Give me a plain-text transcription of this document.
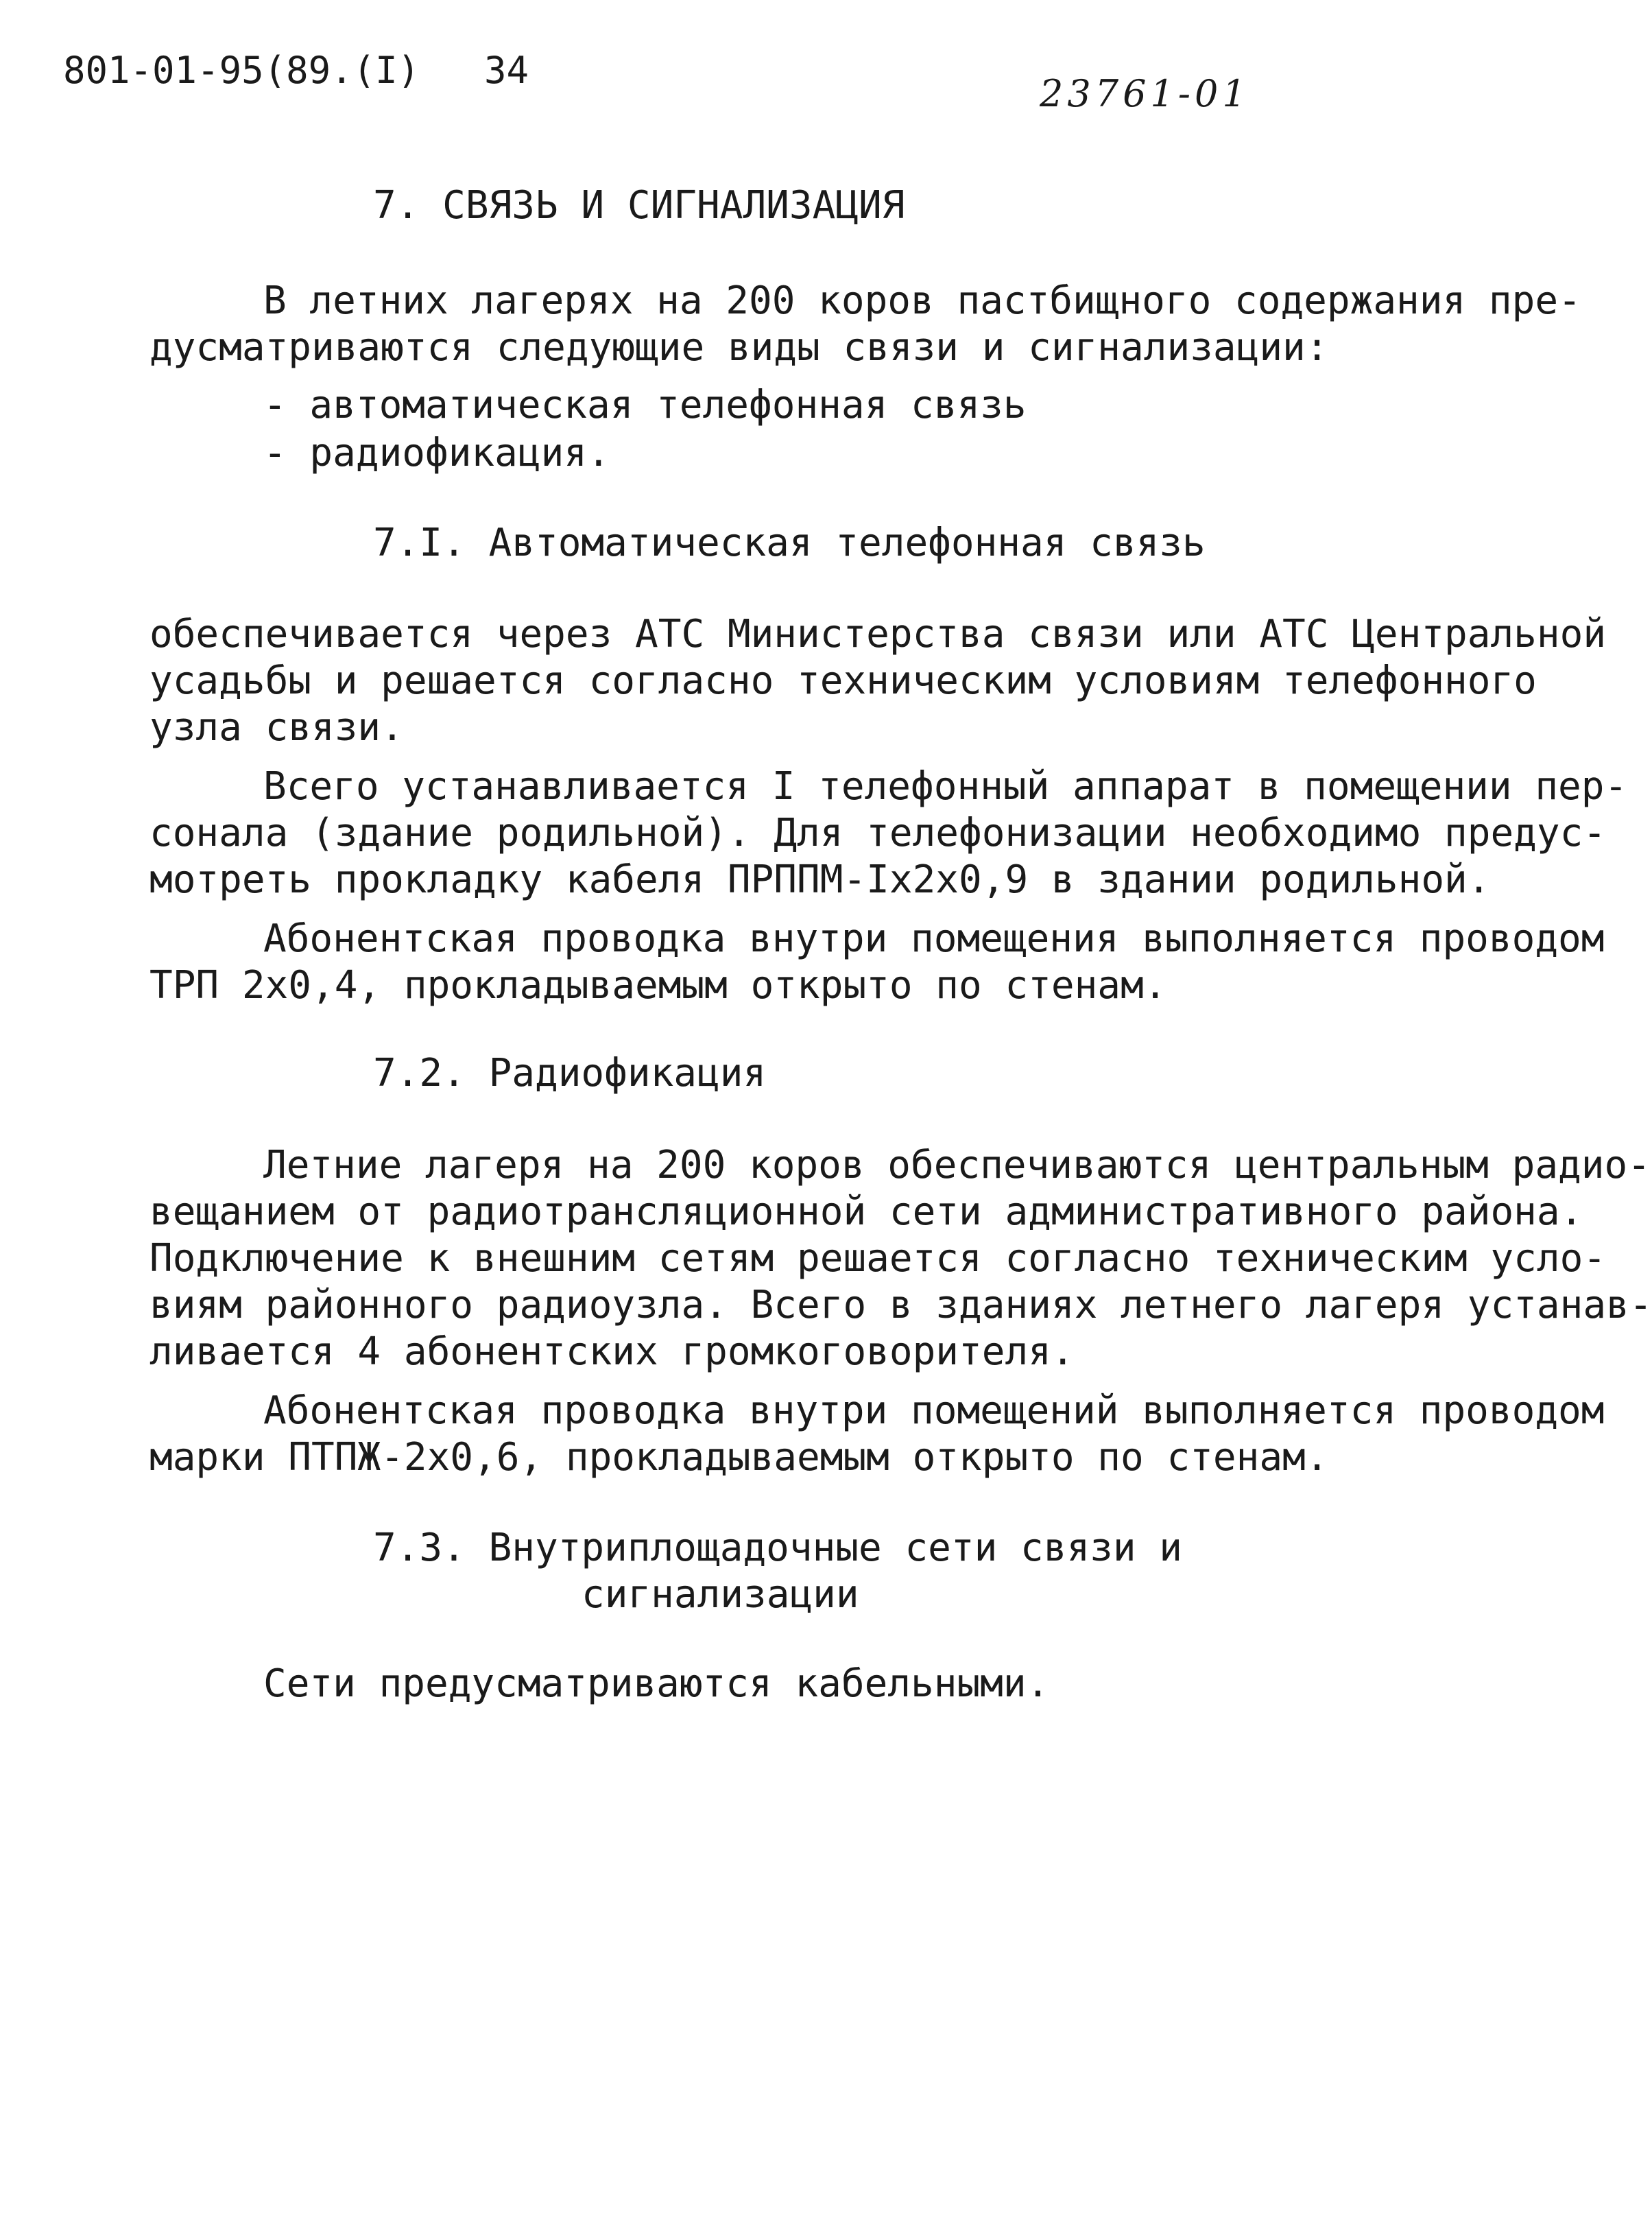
801-01-95(89.(I) 34
23761-01
7. СВЯЗЬ И СИГНАЛИЗАЦИЯ
В летних лагерях на 200 коров пастбищного содержания пре-
дусматриваются следующие виды связи и сигнализации:
- автоматическая телефонная связь
- радиофикация.
7.I. Автоматическая телефонная связь
обеспечивается через АТС Министерства связи или АТС Центральной
усадьбы и решается согласно техническим условиям телефонного
узла связи.
Всего устанавливается I телефонный аппарат в помещении пер-
сонала (здание родильной). Для телефонизации необходимо предус-
мотреть прокладку кабеля ПРППМ-Iх2х0,9 в здании родильной.
Абонентская проводка внутри помещения выполняется проводом
ТРП 2х0,4, прокладываемым открыто по стенам.
7.2. Радиофикация
Летние лагеря на 200 коров обеспечиваются центральным радио-
вещанием от радиотрансляционной сети административного района.
Подключение к внешним сетям решается согласно техническим усло-
виям районного радиоузла. Всего в зданиях летнего лагеря устанав-
ливается 4 абонентских громкоговорителя.
Абонентская проводка внутри помещений выполняется проводом
марки ПТПЖ-2х0,6, прокладываемым открыто по стенам.
7.3. Внутриплощадочные сети связи и
сигнализации
Сети предусматриваются кабельными.
